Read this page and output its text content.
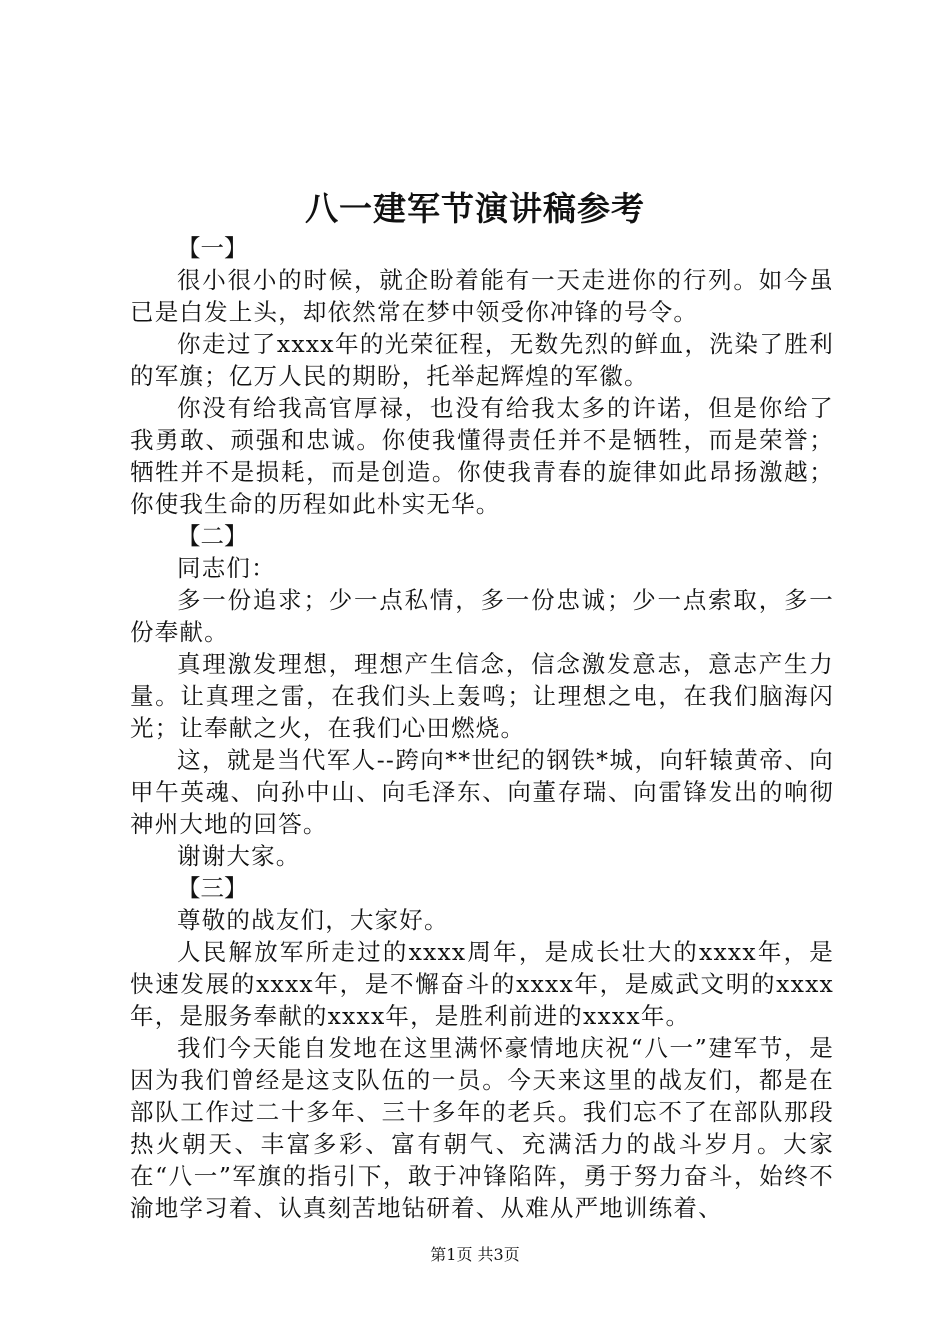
八一建军节演讲稿参考

【一】

很小很小的时候，就企盼着能有一天走进你的行列。如今虽已是白发上头，却依然常在梦中领受你冲锋的号令。

你走过了xxxx年的光荣征程，无数先烈的鲜血，洗染了胜利的军旗；亿万人民的期盼，托举起辉煌的军徽。

你没有给我高官厚禄，也没有给我太多的许诺，但是你给了我勇敢、顽强和忠诚。你使我懂得责任并不是牺牲，而是荣誉；牺牲并不是损耗，而是创造。你使我青春的旋律如此昂扬激越；你使我生命的历程如此朴实无华。

【二】

同志们：

多一份追求；少一点私情，多一份忠诚；少一点索取，多一份奉献。

真理激发理想，理想产生信念，信念激发意志，意志产生力量。让真理之雷，在我们头上轰鸣；让理想之电，在我们脑海闪光；让奉献之火，在我们心田燃烧。

这，就是当代军人--跨向**世纪的钢铁*城，向轩辕黄帝、向甲午英魂、向孙中山、向毛泽东、向董存瑞、向雷锋发出的响彻神州大地的回答。

谢谢大家。

【三】

尊敬的战友们，大家好。

人民解放军所走过的xxxx周年，是成长壮大的xxxx年，是快速发展的xxxx年，是不懈奋斗的xxxx年，是威武文明的xxxx年，是服务奉献的xxxx年，是胜利前进的xxxx年。

我们今天能自发地在这里满怀豪情地庆祝“八一”建军节，是因为我们曾经是这支队伍的一员。今天来这里的战友们，都是在部队工作过二十多年、三十多年的老兵。我们忘不了在部队那段热火朝天、丰富多彩、富有朝气、充满活力的战斗岁月。大家在“八一”军旗的指引下，敢于冲锋陷阵，勇于努力奋斗，始终不渝地学习着、认真刻苦地钻研着、从难从严地训练着、

第1页 共3页
